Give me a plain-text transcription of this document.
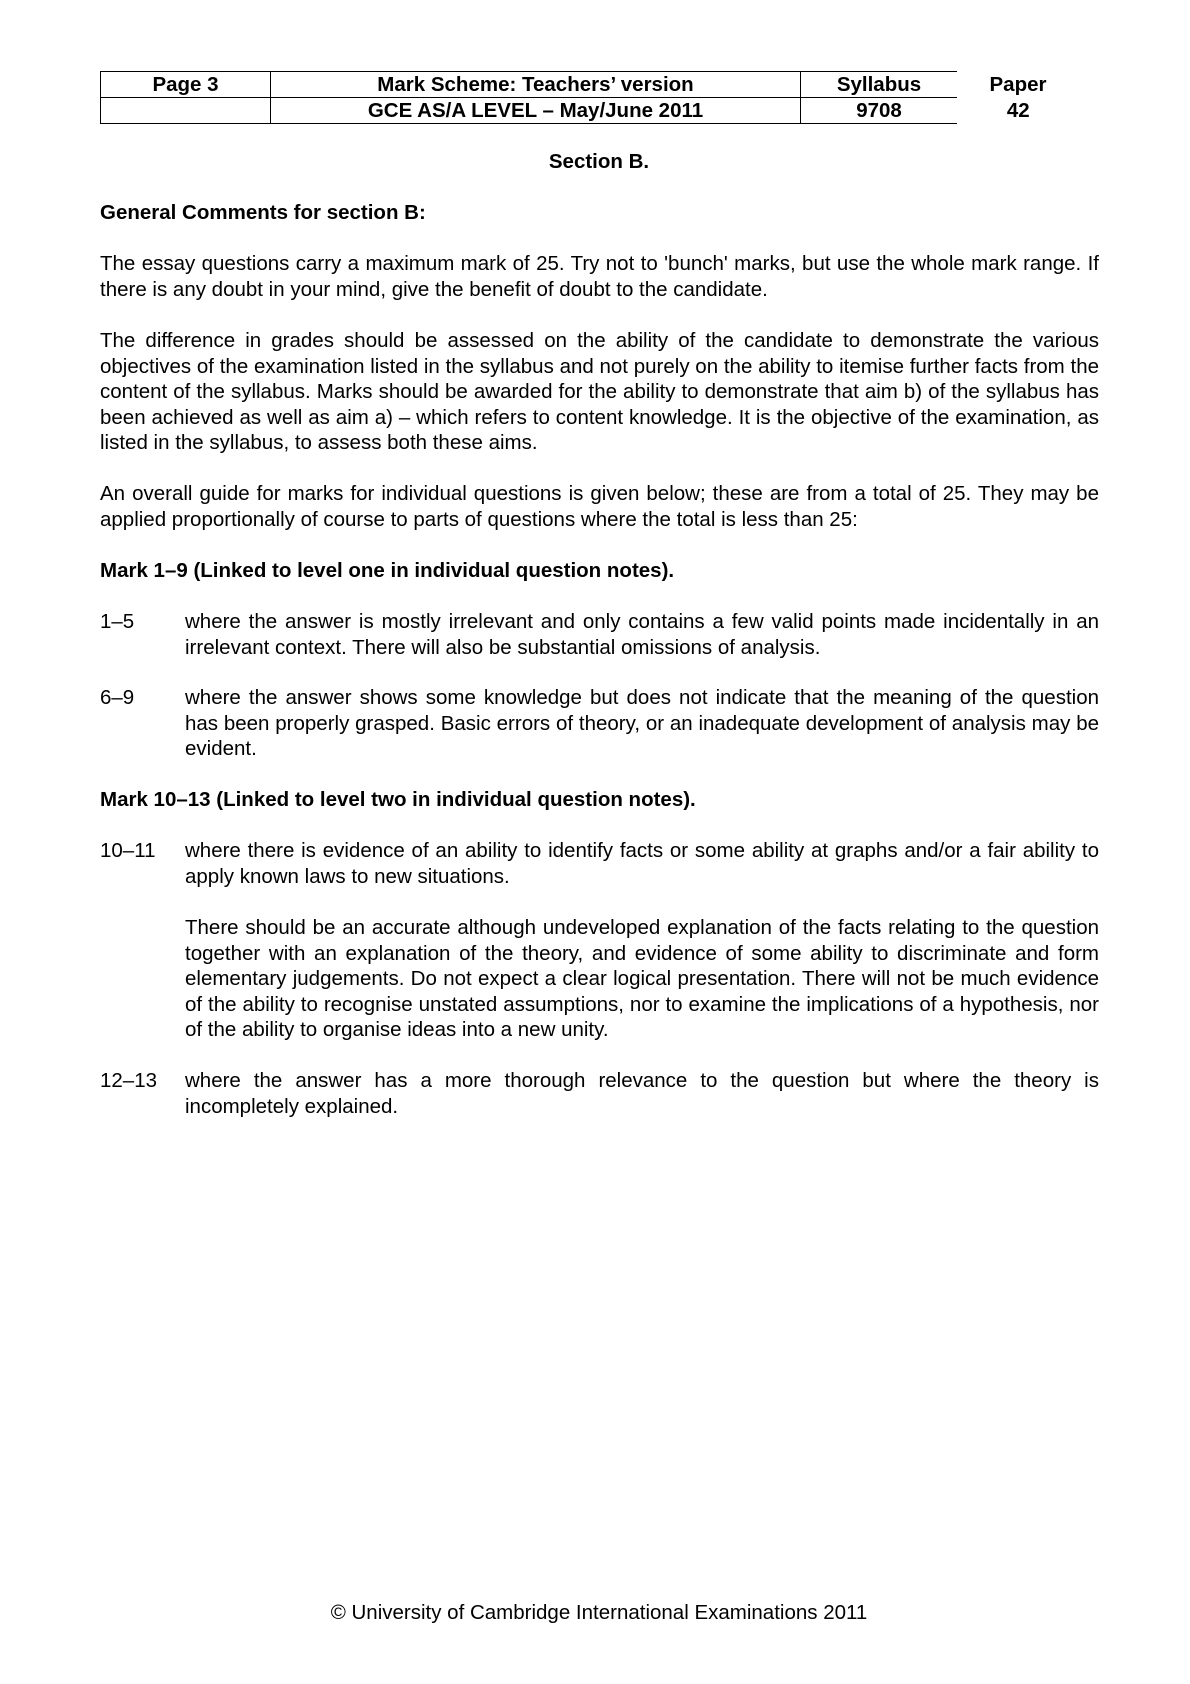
Page 3	Mark Scheme: Teachers’ version	Syllabus	Paper
	GCE AS/A LEVEL – May/June 2011	9708	42
Section B.

General Comments for section B:

The essay questions carry a maximum mark of 25. Try not to 'bunch' marks, but use the whole mark range. If there is any doubt in your mind, give the benefit of doubt to the candidate.

The difference in grades should be assessed on the ability of the candidate to demonstrate the various objectives of the examination listed in the syllabus and not purely on the ability to itemise further facts from the content of the syllabus. Marks should be awarded for the ability to demonstrate that aim b) of the syllabus has been achieved as well as aim a) – which refers to content knowledge. It is the objective of the examination, as listed in the syllabus, to assess both these aims.

An overall guide for marks for individual questions is given below; these are from a total of 25. They may be applied proportionally of course to parts of questions where the total is less than 25:

Mark 1–9 (Linked to level one in individual question notes).

1–5 where the answer is mostly irrelevant and only contains a few valid points made incidentally in an irrelevant context. There will also be substantial omissions of analysis.

6–9 where the answer shows some knowledge but does not indicate that the meaning of the question has been properly grasped. Basic errors of theory, or an inadequate development of analysis may be evident.

Mark 10–13 (Linked to level two in individual question notes).

10–11 where there is evidence of an ability to identify facts or some ability at graphs and/or a fair ability to apply known laws to new situations.

There should be an accurate although undeveloped explanation of the facts relating to the question together with an explanation of the theory, and evidence of some ability to discriminate and form elementary judgements. Do not expect a clear logical presentation. There will not be much evidence of the ability to recognise unstated assumptions, nor to examine the implications of a hypothesis, nor of the ability to organise ideas into a new unity.

12–13 where the answer has a more thorough relevance to the question but where the theory is incompletely explained.

© University of Cambridge International Examinations 2011
